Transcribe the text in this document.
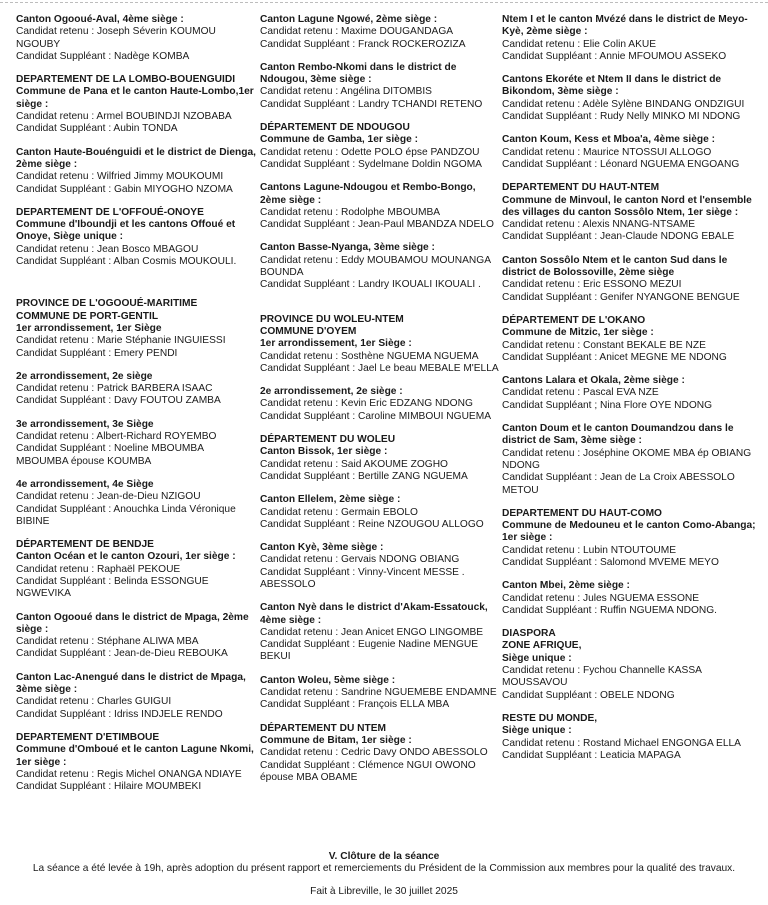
Canton Ogooué-Aval, 4ème siège :
Candidat retenu : Joseph Séverin KOUMOU NGOUBY
Candidat Suppléant : Nadège KOMBA
DEPARTEMENT DE LA LOMBO-BOUENGUIDI
Commune de Pana et le canton Haute-Lombo,1er siège :
Candidat retenu : Armel BOUBINDJI NZOBABA
Candidat Suppléant : Aubin TONDA
Canton Haute-Bouénguidi et le district de Dienga, 2ème siège :
Candidat retenu : Wilfried Jimmy MOUKOUMI
Candidat Suppléant : Gabin MIYOGHO NZOMA
DEPARTEMENT DE L'OFFOUÉ-ONOYE
Commune d'Iboundji et les cantons Offoué et Onoye, Siège unique :
Candidat retenu : Jean Bosco MBAGOU
Candidat Suppléant : Alban Cosmis MOUKOULI.
PROVINCE DE L'OGOOUÉ-MARITIME
COMMUNE DE PORT-GENTIL
1er arrondissement, 1er Siège
Candidat retenu : Marie Stéphanie INGUIESSI
Candidat Suppléant : Emery PENDI
2e arrondissement, 2e siège
Candidat retenu : Patrick BARBERA ISAAC
Candidat Suppléant : Davy FOUTOU ZAMBA
3e arrondissement, 3e Siège
Candidat retenu : Albert-Richard ROYEMBO
Candidat Suppléant : Noeline MBOUMBA MBOUMBA épouse KOUMBA
4e arrondissement, 4e Siège
Candidat retenu : Jean-de-Dieu NZIGOU
Candidat Suppléant : Anouchka Linda Véronique BIBINE
DÉPARTEMENT DE BENDJE
Canton Océan et le canton Ozouri, 1er siège :
Candidat retenu : Raphaël PEKOUE
Candidat Suppléant : Belinda ESSONGUE NGWEVIKA
Canton Ogooué dans le district de Mpaga, 2ème siège :
Candidat retenu : Stéphane ALIWA MBA
Candidat Suppléant : Jean-de-Dieu REBOUKA
Canton Lac-Anengué dans le district de Mpaga, 3ème siège :
Candidat retenu : Charles GUIGUI
Candidat Suppléant : Idriss INDJELE RENDO
DEPARTEMENT D'ETIMBOUE
Commune d'Omboué et le canton Lagune Nkomi, 1er siège :
Candidat retenu : Regis Michel ONANGA NDIAYE
Candidat Suppléant : Hilaire MOUMBEKI
Canton Lagune Ngowé, 2ème siège :
Candidat retenu : Maxime DOUGANDAGA
Candidat Suppléant : Franck ROCKEROZIZA
Canton Rembo-Nkomi dans le district de Ndougou, 3ème siège :
Candidat retenu : Angélina DITOMBIS
Candidat Suppléant : Landry TCHANDI RETENO
DÉPARTEMENT DE NDOUGOU
Commune de Gamba, 1er siège :
Candidat retenu : Odette POLO épse PANDZOU
Candidat Suppléant : Sydelmane Doldin NGOMA
Cantons Lagune-Ndougou et Rembo-Bongo, 2ème siège :
Candidat retenu : Rodolphe MBOUMBA
Candidat Suppléant : Jean-Paul MBANDZA NDELO
Canton Basse-Nyanga, 3ème siège :
Candidat retenu : Eddy MOUBAMOU MOUNANGA BOUNDA
Candidat Suppléant : Landry IKOUALI IKOUALI .
PROVINCE DU WOLEU-NTEM
COMMUNE D'OYEM
1er arrondissement, 1er Siège :
Candidat retenu : Sosthène NGUEMA NGUEMA
Candidat Suppléant : Jael Le beau MEBALE M'ELLA
2e arrondissement, 2e siège :
Candidat retenu : Kevin Eric EDZANG NDONG
Candidat Suppléant : Caroline MIMBOUI NGUEMA
DÉPARTEMENT DU WOLEU
Canton Bissok, 1er siège :
Candidat retenu : Said AKOUME ZOGHO
Candidat Suppléant : Bertille ZANG NGUEMA
Canton Ellelem, 2ème siège :
Candidat retenu : Germain EBOLO
Candidat Suppléant : Reine NZOUGOU ALLOGO
Canton Kyè, 3ème siège :
Candidat retenu : Gervais NDONG OBIANG
Candidat Suppléant : Vinny-Vincent MESSE . ABESSOLO
Canton Nyè dans le district d'Akam-Essatouck, 4ème siège :
Candidat retenu : Jean Anicet ENGO LINGOMBE
Candidat Suppléant : Eugenie Nadine MENGUE BEKUI
Canton Woleu, 5ème siège :
Candidat retenu : Sandrine NGUEMEBE ENDAMNE
Candidat Suppléant : François ELLA MBA
DÉPARTEMENT DU NTEM
Commune de Bitam, 1er siège :
Candidat retenu : Cedric Davy ONDO ABESSOLO
Candidat Suppléant : Clémence NGUI OWONO épouse MBA OBAME
Ntem I et le canton Mvézé dans le district de Meyo-Kyè, 2ème siège :
Candidat retenu : Elie Colin AKUE
Candidat Suppléant : Annie MFOUMOU ASSEKO
Cantons Ekoréte et Ntem II dans le district de Bikondom, 3ème siège :
Candidat retenu : Adèle Sylène BINDANG ONDZIGUI
Candidat Suppléant : Rudy Nelly MINKO MI NDONG
Canton Koum, Kess et Mboa'a, 4ème siège :
Candidat retenu : Maurice NTOSSUI ALLOGO
Candidat Suppléant : Léonard NGUEMA ENGOANG
DEPARTEMENT DU HAUT-NTEM
Commune de Minvoul, le canton Nord et l'ensemble des villages du canton Sossôlo Ntem, 1er siège :
Candidat retenu : Alexis NNANG-NTSAME
Candidat Suppléant : Jean-Claude NDONG EBALE
Canton Sossôlo Ntem et le canton Sud dans le district de Bolossoville, 2ème siège
Candidat retenu : Eric ESSONO MEZUI
Candidat Suppléant : Genifer NYANGONE BENGUE
DÉPARTEMENT DE L'OKANO
Commune de Mitzic, 1er siège :
Candidat retenu : Constant BEKALE BE NZE
Candidat Suppléant : Anicet MEGNE ME NDONG
Cantons Lalara et Okala, 2ème siège :
Candidat retenu : Pascal EVA NZE
Candidat Suppléant ; Nina Flore OYE NDONG
Canton Doum et le canton Doumandzou dans le district de Sam, 3ème siège :
Candidat retenu : Joséphine OKOME MBA ép OBIANG NDONG
Candidat Suppléant : Jean de La Croix ABESSOLO METOU
DEPARTEMENT DU HAUT-COMO
Commune de Medouneu et le canton Como-Abanga; 1er siège :
Candidat retenu : Lubin NTOUTOUME
Candidat Suppléant : Salomond MVEME MEYO
Canton Mbei, 2ème siège :
Candidat retenu : Jules NGUEMA ESSONE
Candidat Suppléant : Ruffin NGUEMA NDONG.
DIASPORA
ZONE AFRIQUE,
Siège unique :
Candidat retenu : Fychou Channelle KASSA MOUSSAVOU
Candidat Suppléant : OBELE NDONG
RESTE DU MONDE,
Siège unique :
Candidat retenu : Rostand Michael ENGONGA ELLA
Candidat Suppléant : Leaticia MAPAGA
V. Clôture de la séance
La séance a été levée à 19h, après adoption du présent rapport et remerciements du Président de la Commission aux membres pour la qualité des travaux.
Fait à Libreville, le 30 juillet 2025
